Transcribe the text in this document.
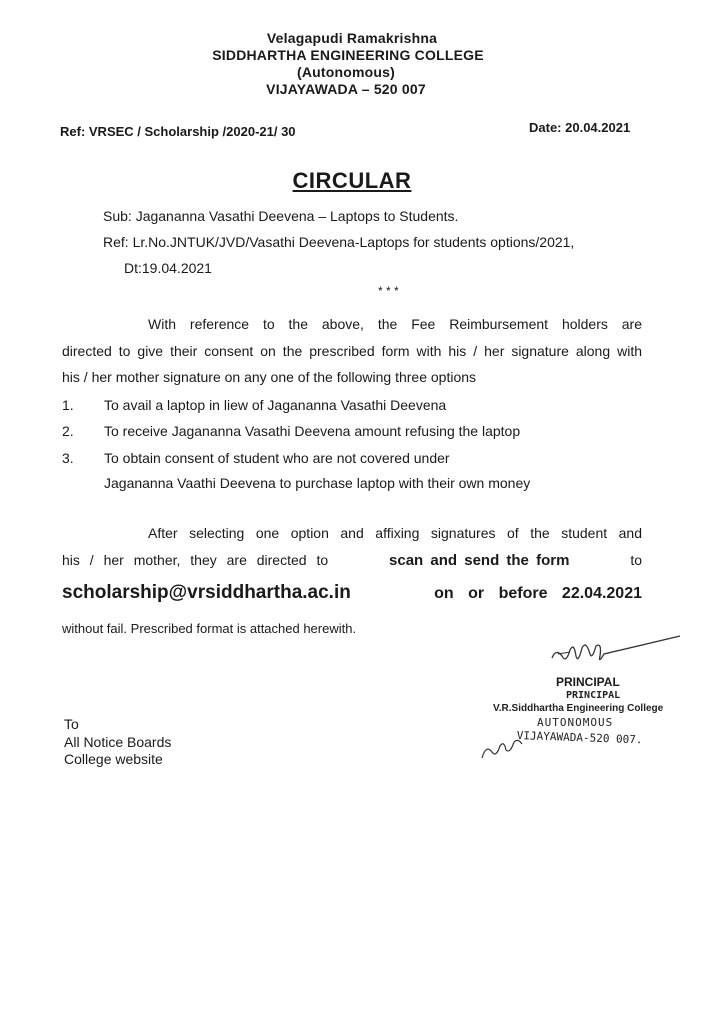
Velagapudi Ramakrishna
SIDDHARTHA ENGINEERING COLLEGE
(Autonomous)
VIJAYAWADA – 520 007
Ref: VRSEC / Scholarship /2020-21/ 30	Date: 20.04.2021
CIRCULAR
Sub: Jagananna Vasathi Deevena – Laptops to Students.
Ref: Lr.No.JNTUK/JVD/Vasathi Deevena-Laptops for students options/2021,
Dt:19.04.2021
* * *
With reference to the above, the Fee Reimbursement holders are
directed to give their consent on the prescribed form with his / her signature along with
his / her mother signature on any one of the following three options
1. To avail a laptop in liew of Jagananna Vasathi Deevena
2. To receive Jagananna Vasathi Deevena amount refusing the laptop
3. To obtain consent of student who are not covered under
Jagananna Vaathi Deevena to purchase laptop with their own money
After selecting one option and affixing signatures of the student and
his / her mother, they are directed to	scan and send the form	to
scholarship@vrsiddhartha.ac.in	on or before 22.04.2021
without fail. Prescribed format is attached herewith.
PRINCIPAL
PRINCIPAL
V.R.Siddhartha Engineering College
AUTONOMOUS
VIJAYAWADA-520 007.
To
All Notice Boards
College website
